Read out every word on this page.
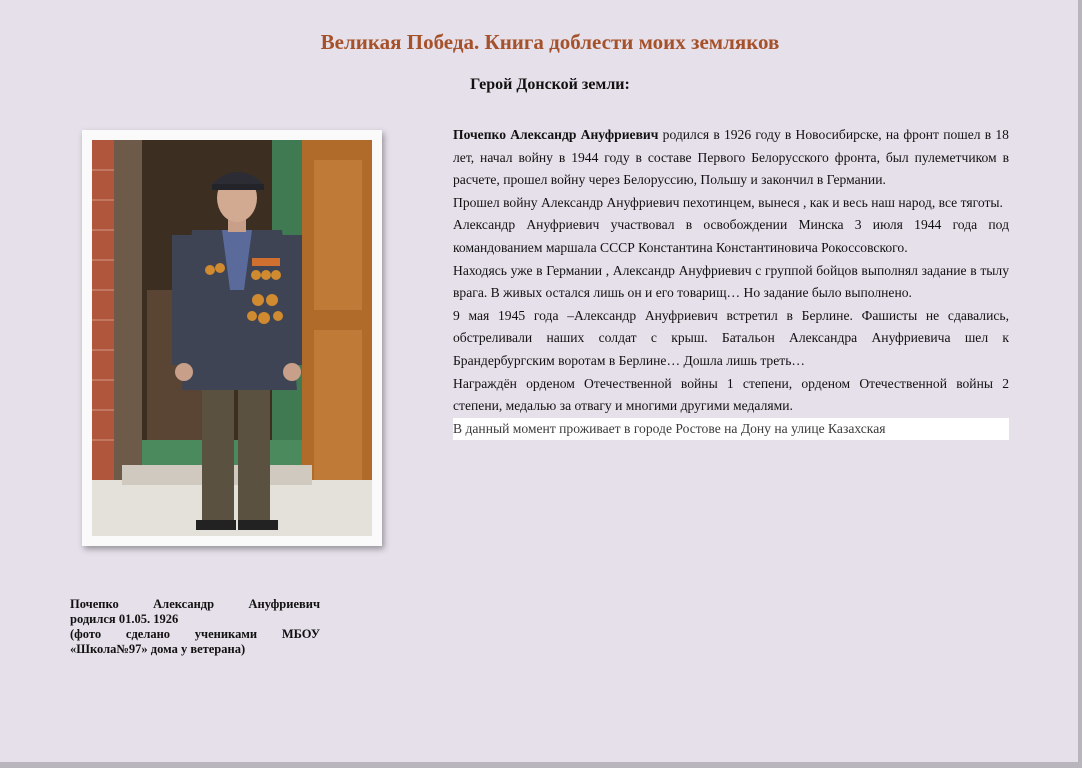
Великая Победа. Книга доблести моих земляков
Герой Донской земли:
Почепко Александр Ануфриевич
родился 01.05. 1926
(фото сделано учениками МБОУ
«Школа№97» дома у ветерана)

Почепко Александр Ануфриевич родился в 1926 году в Новосибирске, на фронт пошел в 18 лет, начал войну в 1944 году в составе Первого Белорусского фронта, был пулеметчиком в расчете, прошел войну через Белоруссию, Польшу и закончил в Германии.

Прошел войну Александр Ануфриевич пехотинцем, вынеся , как и весь наш народ, все тяготы.

Александр Ануфриевич участвовал в освобождении Минска 3 июля 1944 года под командованием маршала СССР Константина Константиновича Рокоссовского.

Находясь уже в Германии , Александр Ануфриевич с группой бойцов выполнял задание в тылу врага. В живых остался лишь он и его товарищ… Но задание было выполнено.

9 мая 1945 года –Александр Ануфриевич встретил в Берлине. Фашисты не сдавались, обстреливали наших солдат с крыш. Батальон Александра Ануфриевича шел к Брандербургским воротам в Берлине… Дошла лишь треть…

Награждён орденом Отечественной войны 1 степени, орденом Отечественной войны 2 степени, медалью за отвагу и многими другими медалями.

В данный момент проживает в городе Ростове на Дону на улице Казахская
